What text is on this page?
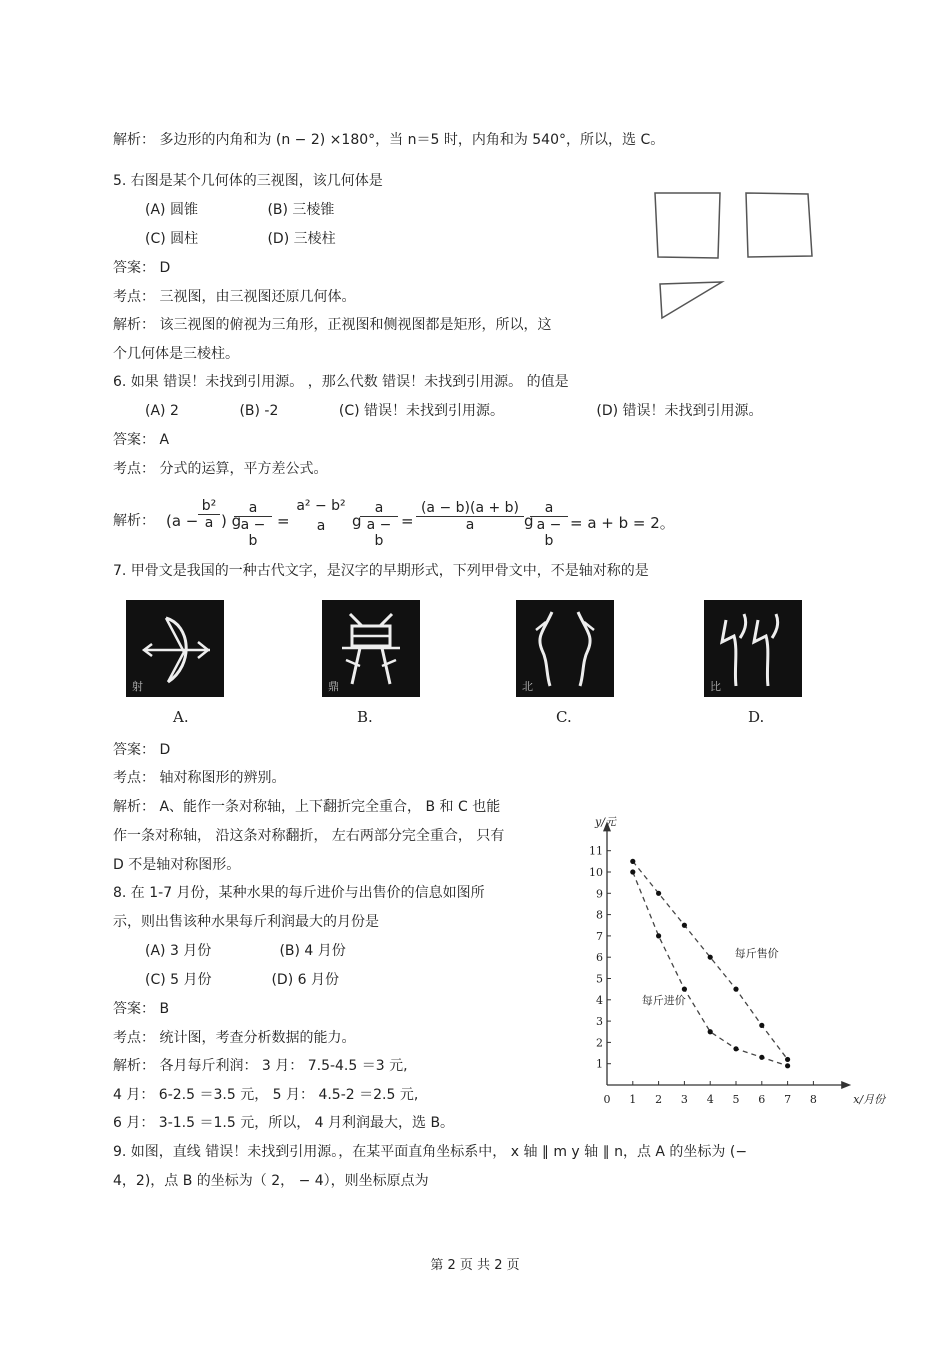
解析： 多边形的内角和为 (n − 2) ×180°，当 n＝5 时，内角和为 540°，所以，选 C。
5. 右图是某个几何体的三视图，该几何体是
(A) 圆锥	(B) 三棱锥
(C) 圆柱	(D) 三棱柱
答案： D
考点： 三视图，由三视图还原几何体。
解析： 该三视图的俯视为三角形，正视图和侧视图都是矩形，所以，这
个几何体是三棱柱。
6. 如果 错误！未找到引用源。 ，那么代数 错误！未找到引用源。 的值是
(A) 2	(B) -2	(C) 错误！未找到引用源。	(D) 错误！未找到引用源。
答案： A
考点： 分式的运算，平方差公式。
解析： ($a - \frac{\text{b²}}{a}$ ) g
$\frac{a}{a - b}$ =
a² − b²
a	g
$\frac{a}{a - b} = \frac{(a - b)(a + b)}{a}$ g
$\frac{a}{a - b} = a + b = 2$。
7. 甲骨文是我国的一种古代文字，是汉字的早期形式，下列甲骨文中，不是轴对称的是
射	鼎	北	比
A.	B.	C.	D.
答案： D
考点： 轴对称图形的辨别。
解析： A、能作一条对称轴，上下翻折完全重合， B 和 C 也能
作一条对称轴， 沿这条对称翻折， 左右两部分完全重合， 只有
D 不是轴对称图形。
8. 在 1-7 月份，某种水果的每斤进价与出售价的信息如图所
示，则出售该种水果每斤利润最大的月份是
(A) 3 月份	(B) 4 月份
(C) 5 月份	(D) 6 月份
答案： B
考点： 统计图，考查分析数据的能力。
解析： 各月每斤利润： 3 月： 7.5-4.5 ＝3 元,
4 月： 6-2.5 ＝3.5 元， 5 月： 4.5-2 ＝2.5 元,
6 月： 3-1.5 ＝1.5 元，所以， 4 月利润最大，选 B。
0 1 2 3 4 5 6 7 8
1
2
3
4
5
6
7
8
9
10
11
y/元
x/月份
每斤售价
每斤进价
9. 如图，直线 错误！未找到引用源。，在某平面直角坐标系中， x 轴 ∥ m y 轴 ∥ n，点 A 的坐标为 (−
4，2)，点 B 的坐标为（ 2， − 4），则坐标原点为
第 2 页 共 2 页
